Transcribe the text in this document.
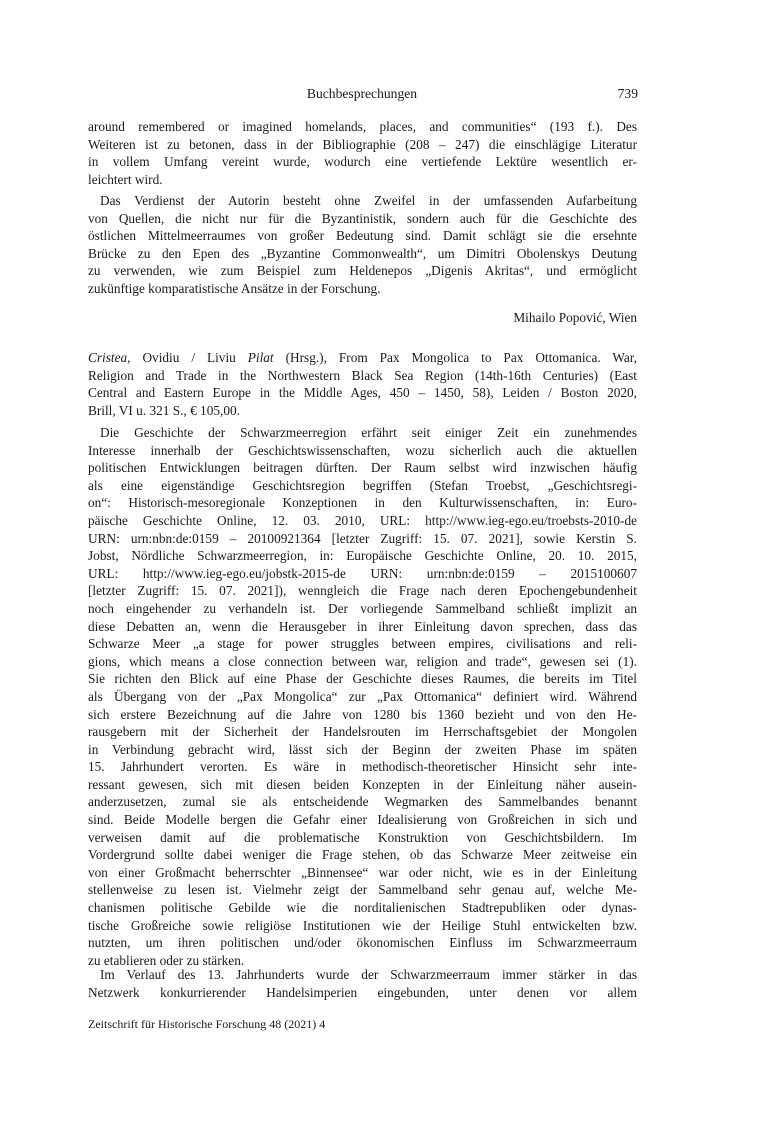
Buchbesprechungen	739
around remembered or imagined homelands, places, and communities“ (193 f.). Des
Weiteren ist zu betonen, dass in der Bibliographie (208 – 247) die einschlägige Literatur
in vollem Umfang vereint wurde, wodurch eine vertiefende Lektüre wesentlich er-
leichtert wird.
Das Verdienst der Autorin besteht ohne Zweifel in der umfassenden Aufarbeitung
von Quellen, die nicht nur für die Byzantinistik, sondern auch für die Geschichte des
östlichen Mittelmeerraumes von großer Bedeutung sind. Damit schlägt sie die ersehnte
Brücke zu den Epen des „Byzantine Commonwealth“, um Dimitri Obolenskys Deutung
zu verwenden, wie zum Beispiel zum Heldenepos „Digenis Akritas“, und ermöglicht
zukünftige komparatistische Ansätze in der Forschung.
Mihailo Popović, Wien
Cristea, Ovidiu / Liviu Pilat (Hrsg.), From Pax Mongolica to Pax Ottomanica. War,
Religion and Trade in the Northwestern Black Sea Region (14th-16th Centuries) (East
Central and Eastern Europe in the Middle Ages, 450 – 1450, 58), Leiden / Boston 2020,
Brill, VI u. 321 S., € 105,00.
Die Geschichte der Schwarzmeerregion erfährt seit einiger Zeit ein zunehmendes
Interesse innerhalb der Geschichtswissenschaften, wozu sicherlich auch die aktuellen
politischen Entwicklungen beitragen dürften. Der Raum selbst wird inzwischen häufig
als eine eigenständige Geschichtsregion begriffen (Stefan Troebst, „Geschichtsregi-
on“: Historisch-mesoregionale Konzeptionen in den Kulturwissenschaften, in: Euro-
päische Geschichte Online, 12. 03. 2010, URL: http://www.ieg-ego.eu/troebsts-2010-de
URN: urn:nbn:de:0159 – 20100921364 [letzter Zugriff: 15. 07. 2021], sowie Kerstin S.
Jobst, Nördliche Schwarzmeerregion, in: Europäische Geschichte Online, 20. 10. 2015,
URL: http://www.ieg-ego.eu/jobstk-2015-de URN: urn:nbn:de:0159 – 2015100607
[letzter Zugriff: 15. 07. 2021]), wenngleich die Frage nach deren Epochengebundenheit
noch eingehender zu verhandeln ist. Der vorliegende Sammelband schließt implizit an
diese Debatten an, wenn die Herausgeber in ihrer Einleitung davon sprechen, dass das
Schwarze Meer „a stage for power struggles between empires, civilisations and reli-
gions, which means a close connection between war, religion and trade“, gewesen sei (1).
Sie richten den Blick auf eine Phase der Geschichte dieses Raumes, die bereits im Titel
als Übergang von der „Pax Mongolica“ zur „Pax Ottomanica“ definiert wird. Während
sich erstere Bezeichnung auf die Jahre von 1280 bis 1360 bezieht und von den He-
rausgebern mit der Sicherheit der Handelsrouten im Herrschaftsgebiet der Mongolen
in Verbindung gebracht wird, lässt sich der Beginn der zweiten Phase im späten
15. Jahrhundert verorten. Es wäre in methodisch-theoretischer Hinsicht sehr inte-
ressant gewesen, sich mit diesen beiden Konzepten in der Einleitung näher ausein-
anderzusetzen, zumal sie als entscheidende Wegmarken des Sammelbandes benannt
sind. Beide Modelle bergen die Gefahr einer Idealisierung von Großreichen in sich und
verweisen damit auf die problematische Konstruktion von Geschichtsbildern. Im
Vordergrund sollte dabei weniger die Frage stehen, ob das Schwarze Meer zeitweise ein
von einer Großmacht beherrschter „Binnensee“ war oder nicht, wie es in der Einleitung
stellenweise zu lesen ist. Vielmehr zeigt der Sammelband sehr genau auf, welche Me-
chanismen politische Gebilde wie die norditalienischen Stadtrepubliken oder dynas-
tische Großreiche sowie religiöse Institutionen wie der Heilige Stuhl entwickelten bzw.
nutzten, um ihren politischen und/oder ökonomischen Einfluss im Schwarzmeerraum
zu etablieren oder zu stärken.
Im Verlauf des 13. Jahrhunderts wurde der Schwarzmeerraum immer stärker in das
Netzwerk konkurrierender Handelsimperien eingebunden, unter denen vor allem
Zeitschrift für Historische Forschung 48 (2021) 4
